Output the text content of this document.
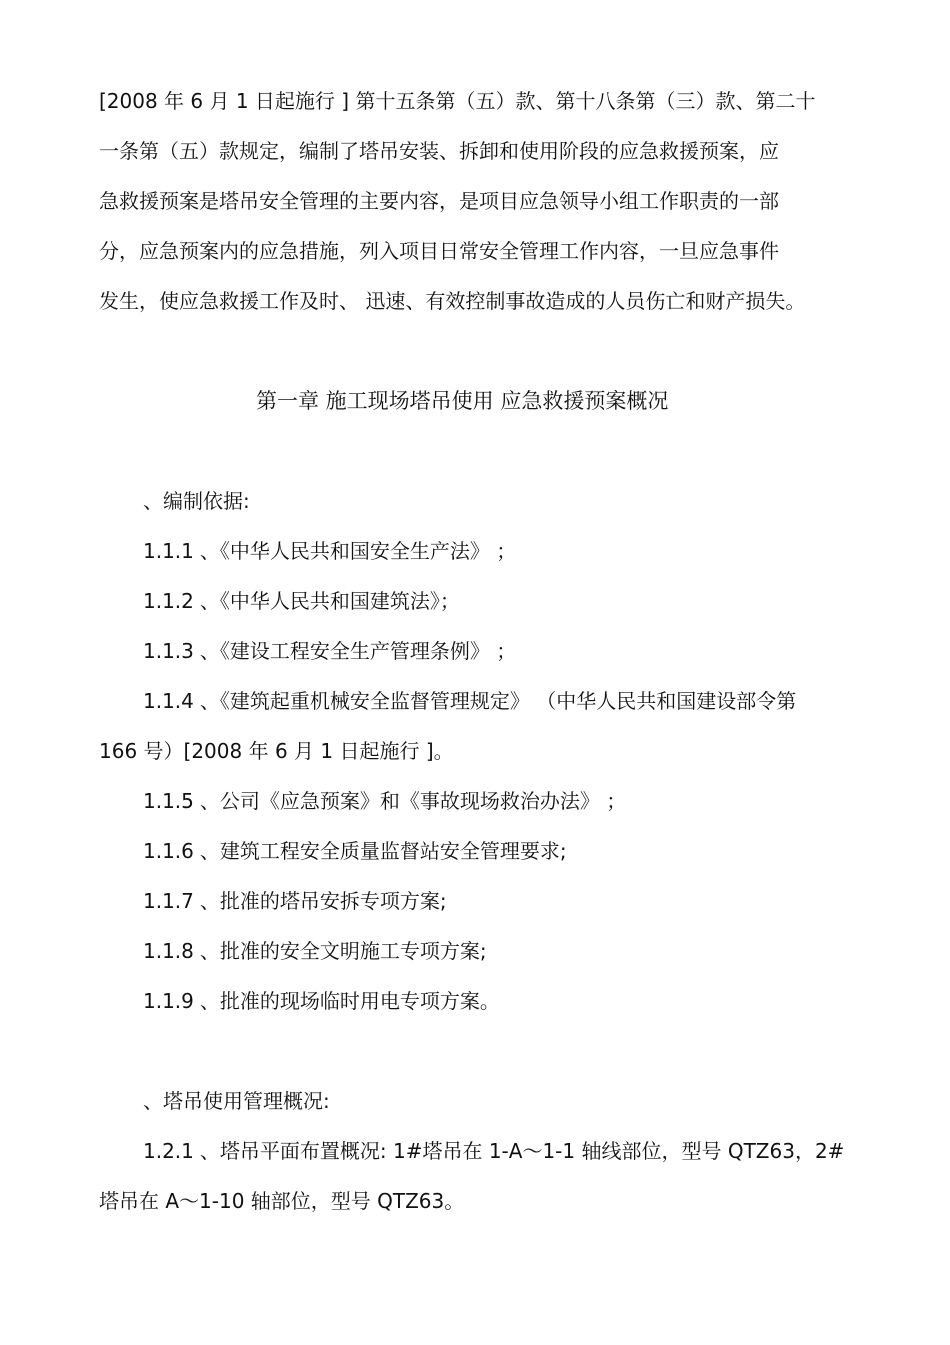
[2008 年 6 月 1 日起施行 ] 第十五条第（五）款、第十八条第（三）款、第二十
一条第（五）款规定，编制了塔吊安装、拆卸和使用阶段的应急救援预案，应
急救援预案是塔吊安全管理的主要内容，是项目应急领导小组工作职责的一部
分，应急预案内的应急措施，列入项目日常安全管理工作内容，一旦应急事件
发生，使应急救援工作及时、 迅速、有效控制事故造成的人员伤亡和财产损失。
第一章 施工现场塔吊使用 应急救援预案概况
、编制依据:
1.1.1 、《中华人民共和国安全生产法》 ；
1.1.2 、《中华人民共和国建筑法》；
1.1.3 、《建设工程安全生产管理条例》 ；
1.1.4 、《建筑起重机械安全监督管理规定》 （中华人民共和国建设部令第
166 号）[2008 年 6 月 1 日起施行 ]。
1.1.5 、公司《应急预案》和《事故现场救治办法》 ；
1.1.6 、建筑工程安全质量监督站安全管理要求;
1.1.7 、批准的塔吊安拆专项方案;
1.1.8 、批准的安全文明施工专项方案;
1.1.9 、批准的现场临时用电专项方案。
、塔吊使用管理概况:
1.2.1 、塔吊平面布置概况: 1#塔吊在 1-A～1-1 轴线部位，型号 QTZ63，2#
塔吊在 A～1-10 轴部位，型号 QTZ63。
